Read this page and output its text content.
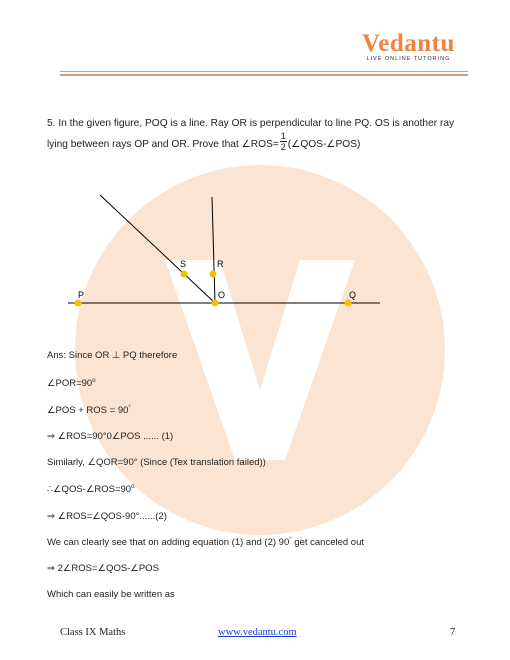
Vedantu
LIVE ONLINE TUTORING
5. In the given figure, POQ is a line. Ray OR is perpendicular to line PQ. OS is another ray lying between rays OP and OR. Prove that ∠ROS= $\frac{1}{2}$ (∠QOS-∠POS)
P	O	Q
S	R
Ans: Since OR ⊥ PQ therefore
$\angle POR=90^o$
∠POS + ROS = 90°
⇒ ∠ROS=90°0∠POS ...... (1)
Similarly, ∠QOR=90° (Since (Tex translation failed))
$\therefore\angle QOS-\angle ROS=90^o$
⇒ ∠ROS=∠QOS-90°......(2)
We can clearly see that on adding equation (1) and (2) 90° get canceled out
⇒ 2∠ROS=∠QOS-∠POS
Which can easily be written as
Class IX Maths	www.vedantu.com	7
